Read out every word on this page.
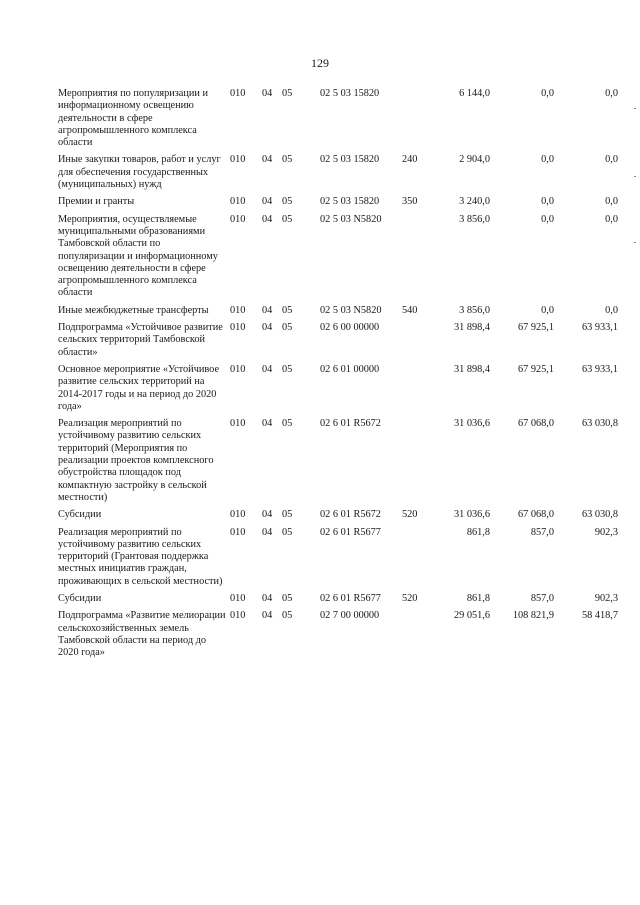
129
Мероприятия по популяризации и информационному освещению деятельности в сфере агропромышленного комплекса области	010	04	05	02 5 03 15820		6 144,0	0,0	0,0
Иные закупки товаров, работ и услуг для обеспечения государственных (муниципальных) нужд	010	04	05	02 5 03 15820	240	2 904,0	0,0	0,0
Премии и гранты	010	04	05	02 5 03 15820	350	3 240,0	0,0	0,0
Мероприятия, осуществляемые муниципальными образованиями Тамбовской области по популяризации и информационному освещению деятельности в сфере агропромышленного комплекса области	010	04	05	02 5 03 N5820		3 856,0	0,0	0,0
Иные межбюджетные трансферты	010	04	05	02 5 03 N5820	540	3 856,0	0,0	0,0
Подпрограмма «Устойчивое развитие сельских территорий Тамбовской области»	010	04	05	02 6 00 00000		31 898,4	67 925,1	63 933,1
Основное мероприятие «Устойчивое развитие сельских территорий на 2014-2017 годы и на период до 2020 года»	010	04	05	02 6 01 00000		31 898,4	67 925,1	63 933,1
Реализация мероприятий по устойчивому развитию сельских территорий (Мероприятия по реализации проектов комплексного обустройства площадок под компактную застройку в сельской местности)	010	04	05	02 6 01 R5672		31 036,6	67 068,0	63 030,8
Субсидии	010	04	05	02 6 01 R5672	520	31 036,6	67 068,0	63 030,8
Реализация мероприятий по устойчивому развитию сельских территорий (Грантовая поддержка местных инициатив граждан, проживающих в сельской местности)	010	04	05	02 6 01 R5677		861,8	857,0	902,3
Субсидии	010	04	05	02 6 01 R5677	520	861,8	857,0	902,3
Подпрограмма «Развитие мелиорации сельскохозяйственных земель Тамбовской области на период до 2020 года»	010	04	05	02 7 00 00000		29 051,6	108 821,9	58 418,7
